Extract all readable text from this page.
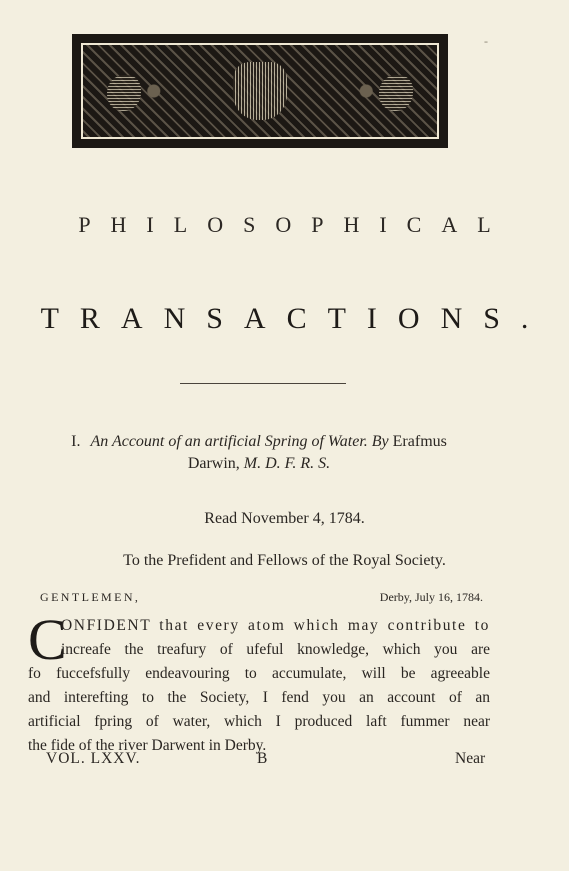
-
PHILOSOPHICAL
TRANSACTIONS.
I. An Account of an artificial Spring of Water. By Erafmus
Darwin, M. D. F. R. S.
Read November 4, 1784.
To the Prefident and Fellows of the Royal Society.
GENTLEMEN,	Derby, July 16, 1784.
C
ONFIDENT that every atom which may contribute to
increafe the treafury of ufeful knowledge, which you are
fo fuccefsfully endeavouring to accumulate, will be agreeable
and interefting to the Society, I fend you an account of an
artificial fpring of water, which I produced laft fummer near
the fide of the river Darwent in Derby.
VOL. LXXV.	B	Near
